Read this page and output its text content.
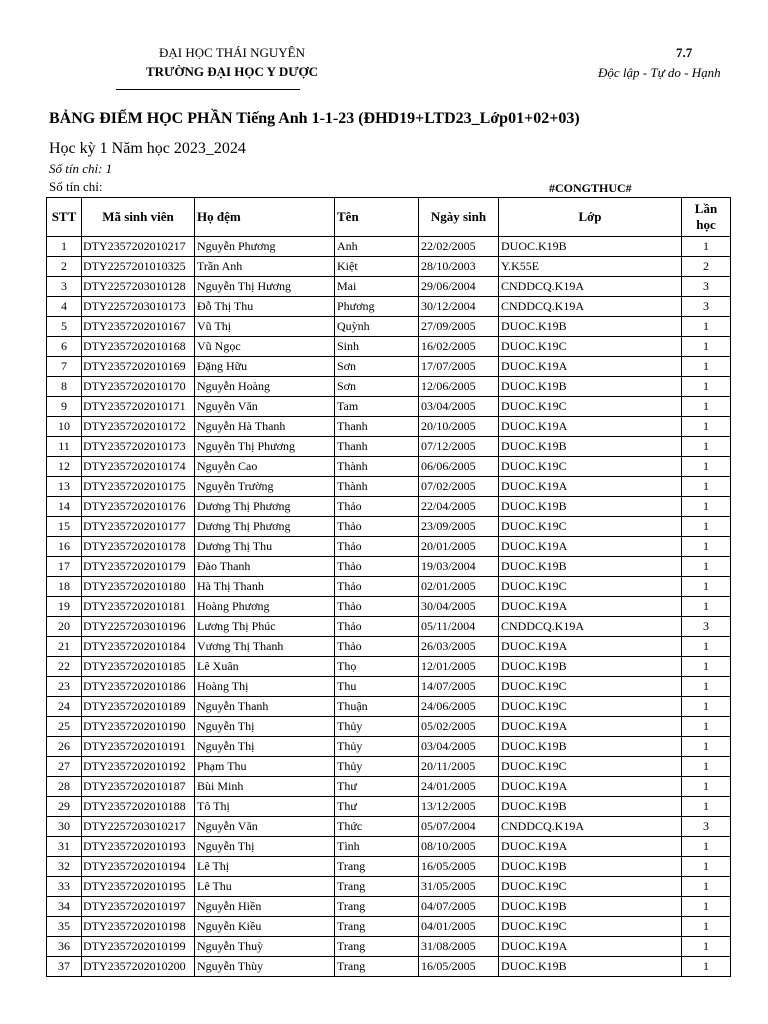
ĐẠI HỌC THÁI NGUYÊN
TRƯỜNG ĐẠI HỌC Y DƯỢC
7.7
Độc lập - Tự do - Hạnh
BẢNG ĐIỂM HỌC PHẦN Tiếng Anh 1-1-23 (ĐHD19+LTD23_Lớp01+02+03)
Học kỳ 1 Năm học 2023_2024
Số tín chỉ: 1
Số tín chỉ:	#CONGTHUC#
STT	Mã sinh viên	Họ đệm	Tên	Ngày sinh	Lớp	Lần học
1	DTY2357202010217	Nguyễn Phương	Anh	22/02/2005	DUOC.K19B	1
2	DTY2257201010325	Trần Anh	Kiệt	28/10/2003	Y.K55E	2
3	DTY2257203010128	Nguyễn Thị Hương	Mai	29/06/2004	CNDDCQ.K19A	3
4	DTY2257203010173	Đỗ Thị Thu	Phương	30/12/2004	CNDDCQ.K19A	3
5	DTY2357202010167	Vũ Thị	Quỳnh	27/09/2005	DUOC.K19B	1
6	DTY2357202010168	Vũ Ngọc	Sinh	16/02/2005	DUOC.K19C	1
7	DTY2357202010169	Đặng Hữu	Sơn	17/07/2005	DUOC.K19A	1
8	DTY2357202010170	Nguyễn Hoàng	Sơn	12/06/2005	DUOC.K19B	1
9	DTY2357202010171	Nguyễn Văn	Tam	03/04/2005	DUOC.K19C	1
10	DTY2357202010172	Nguyễn Hà Thanh	Thanh	20/10/2005	DUOC.K19A	1
11	DTY2357202010173	Nguyễn Thị Phương	Thanh	07/12/2005	DUOC.K19B	1
12	DTY2357202010174	Nguyễn Cao	Thành	06/06/2005	DUOC.K19C	1
13	DTY2357202010175	Nguyễn Trường	Thành	07/02/2005	DUOC.K19A	1
14	DTY2357202010176	Dương Thị Phương	Thảo	22/04/2005	DUOC.K19B	1
15	DTY2357202010177	Dương Thị Phương	Thảo	23/09/2005	DUOC.K19C	1
16	DTY2357202010178	Dương Thị Thu	Thảo	20/01/2005	DUOC.K19A	1
17	DTY2357202010179	Đào Thanh	Thảo	19/03/2004	DUOC.K19B	1
18	DTY2357202010180	Hà Thị Thanh	Thảo	02/01/2005	DUOC.K19C	1
19	DTY2357202010181	Hoàng Phương	Thảo	30/04/2005	DUOC.K19A	1
20	DTY2257203010196	Lương Thị Phúc	Thảo	05/11/2004	CNDDCQ.K19A	3
21	DTY2357202010184	Vương Thị Thanh	Thảo	26/03/2005	DUOC.K19A	1
22	DTY2357202010185	Lê Xuân	Thọ	12/01/2005	DUOC.K19B	1
23	DTY2357202010186	Hoàng Thị	Thu	14/07/2005	DUOC.K19C	1
24	DTY2357202010189	Nguyễn Thanh	Thuận	24/06/2005	DUOC.K19C	1
25	DTY2357202010190	Nguyễn Thị	Thủy	05/02/2005	DUOC.K19A	1
26	DTY2357202010191	Nguyễn Thị	Thủy	03/04/2005	DUOC.K19B	1
27	DTY2357202010192	Phạm Thu	Thủy	20/11/2005	DUOC.K19C	1
28	DTY2357202010187	Bùi Minh	Thư	24/01/2005	DUOC.K19A	1
29	DTY2357202010188	Tô Thị	Thư	13/12/2005	DUOC.K19B	1
30	DTY2257203010217	Nguyễn Văn	Thức	05/07/2004	CNDDCQ.K19A	3
31	DTY2357202010193	Nguyễn Thị	Tình	08/10/2005	DUOC.K19A	1
32	DTY2357202010194	Lê Thị	Trang	16/05/2005	DUOC.K19B	1
33	DTY2357202010195	Lê Thu	Trang	31/05/2005	DUOC.K19C	1
34	DTY2357202010197	Nguyễn Hiền	Trang	04/07/2005	DUOC.K19B	1
35	DTY2357202010198	Nguyễn Kiều	Trang	04/01/2005	DUOC.K19C	1
36	DTY2357202010199	Nguyễn Thuỳ	Trang	31/08/2005	DUOC.K19A	1
37	DTY2357202010200	Nguyễn Thùy	Trang	16/05/2005	DUOC.K19B	1
